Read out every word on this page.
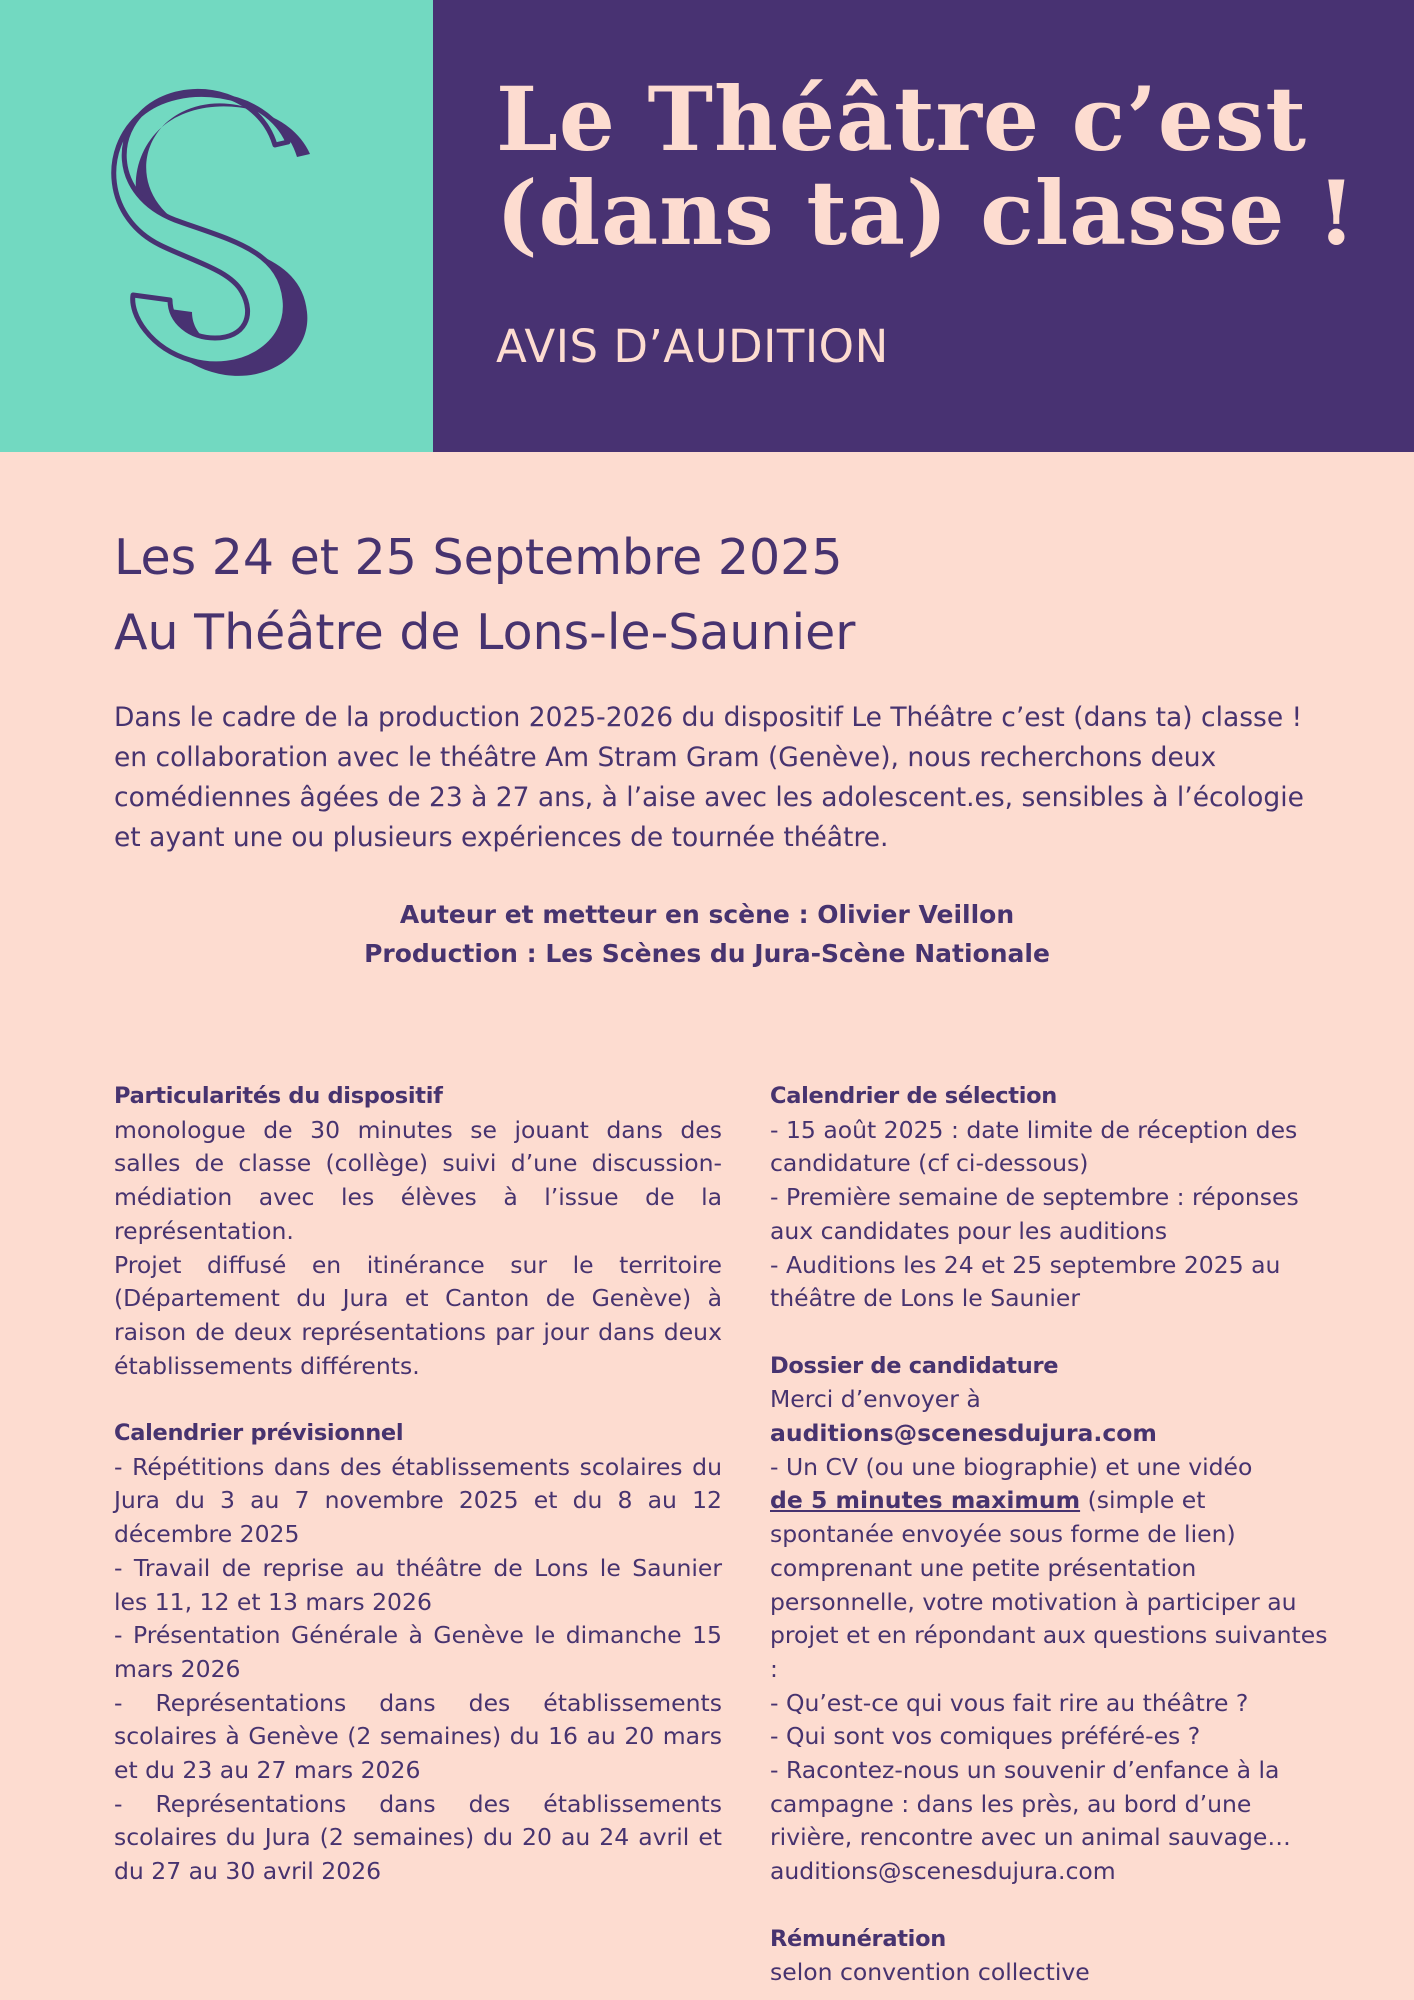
Le Théâtre c’est
(dans ta) classe !
AVIS D’AUDITION
Les 24 et 25 Septembre 2025
Au Théâtre de Lons-le-Saunier

Dans le cadre de la production 2025-2026 du dispositif Le Théâtre c’est (dans ta) classe ! en collaboration avec le théâtre Am Stram Gram (Genève), nous recherchons deux comédiennes âgées de 23 à 27 ans, à l’aise avec les adolescent.es, sensibles à l’écologie et ayant une ou plusieurs expériences de tournée théâtre.

Auteur et metteur en scène : Olivier Veillon
Production : Les Scènes du Jura-Scène Nationale
Particularités du dispositif
monologue de 30 minutes se jouant dans des salles de classe (collège) suivi d’une discussion-médiation avec les élèves à l’issue de la représentation.
Projet diffusé en itinérance sur le territoire (Département du Jura et Canton de Genève) à raison de deux représentations par jour dans deux établissements différents.
Calendrier prévisionnel
- Répétitions dans des établissements scolaires du Jura du 3 au 7 novembre 2025 et du 8 au 12 décembre 2025
- Travail de reprise au théâtre de Lons le Saunier les 11, 12 et 13 mars 2026
- Présentation Générale à Genève le dimanche 15 mars 2026
- Représentations dans des établissements scolaires à Genève (2 semaines) du 16 au 20 mars et du 23 au 27 mars 2026
- Représentations dans des établissements scolaires du Jura (2 semaines) du 20 au 24 avril et du 27 au 30 avril 2026
Calendrier de sélection
- 15 août 2025 : date limite de réception des candidature (cf ci-dessous)
- Première semaine de septembre : réponses aux candidates pour les auditions
- Auditions les 24 et 25 septembre 2025 au théâtre de Lons le Saunier
Dossier de candidature
Merci d’envoyer à auditions@scenesdujura.com
- Un CV (ou une biographie) et une vidéo
de 5 minutes maximum (simple et spontanée envoyée sous forme de lien) comprenant une petite présentation personnelle, votre motivation à participer au projet et en répondant aux questions suivantes :
- Qu’est-ce qui vous fait rire au théâtre ?
- Qui sont vos comiques préféré-es ?
- Racontez-nous un souvenir d’enfance à la campagne : dans les près, au bord d’une rivière, rencontre avec un animal sauvage…
auditions@scenesdujura.com
Rémunération
selon convention collective
